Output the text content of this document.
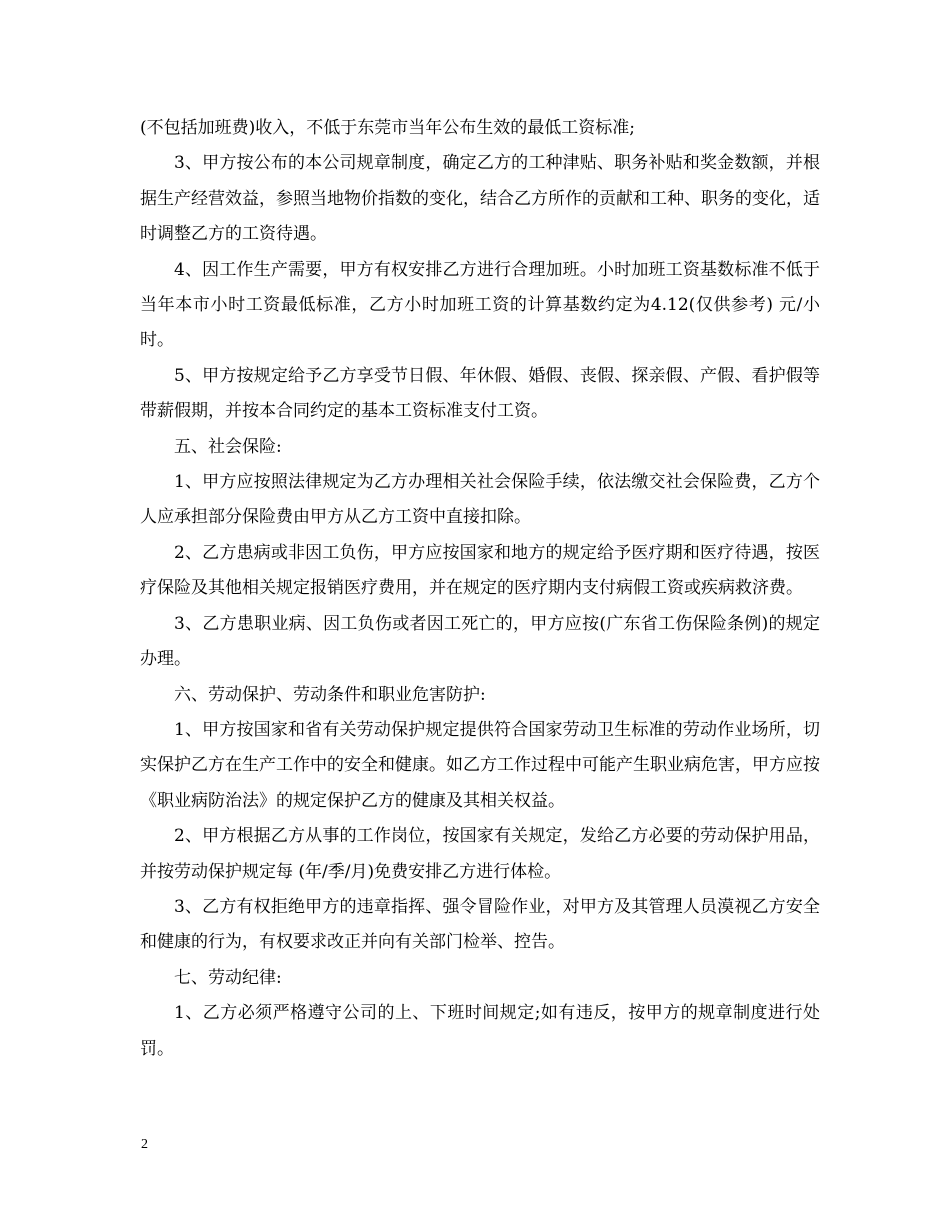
(不包括加班费)收入，不低于东莞市当年公布生效的最低工资标准;

3、甲方按公布的本公司规章制度，确定乙方的工种津贴、职务补贴和奖金数额，并根据生产经营效益，参照当地物价指数的变化，结合乙方所作的贡献和工种、职务的变化，适时调整乙方的工资待遇。

4、因工作生产需要，甲方有权安排乙方进行合理加班。小时加班工资基数标准不低于当年本市小时工资最低标准，乙方小时加班工资的计算基数约定为4.12(仅供参考) 元/小时。

5、甲方按规定给予乙方享受节日假、年休假、婚假、丧假、探亲假、产假、看护假等带薪假期，并按本合同约定的基本工资标准支付工资。

五、社会保险:

1、甲方应按照法律规定为乙方办理相关社会保险手续，依法缴交社会保险费，乙方个人应承担部分保险费由甲方从乙方工资中直接扣除。

2、乙方患病或非因工负伤，甲方应按国家和地方的规定给予医疗期和医疗待遇，按医疗保险及其他相关规定报销医疗费用，并在规定的医疗期内支付病假工资或疾病救济费。

3、乙方患职业病、因工负伤或者因工死亡的，甲方应按(广东省工伤保险条例)的规定办理。

六、劳动保护、劳动条件和职业危害防护:

1、甲方按国家和省有关劳动保护规定提供符合国家劳动卫生标准的劳动作业场所，切实保护乙方在生产工作中的安全和健康。如乙方工作过程中可能产生职业病危害，甲方应按《职业病防治法》的规定保护乙方的健康及其相关权益。

2、甲方根据乙方从事的工作岗位，按国家有关规定，发给乙方必要的劳动保护用品，并按劳动保护规定每 (年/季/月)免费安排乙方进行体检。

3、乙方有权拒绝甲方的违章指挥、强令冒险作业，对甲方及其管理人员漠视乙方安全和健康的行为，有权要求改正并向有关部门检举、控告。

七、劳动纪律:

1、乙方必须严格遵守公司的上、下班时间规定;如有违反，按甲方的规章制度进行处罚。

2
